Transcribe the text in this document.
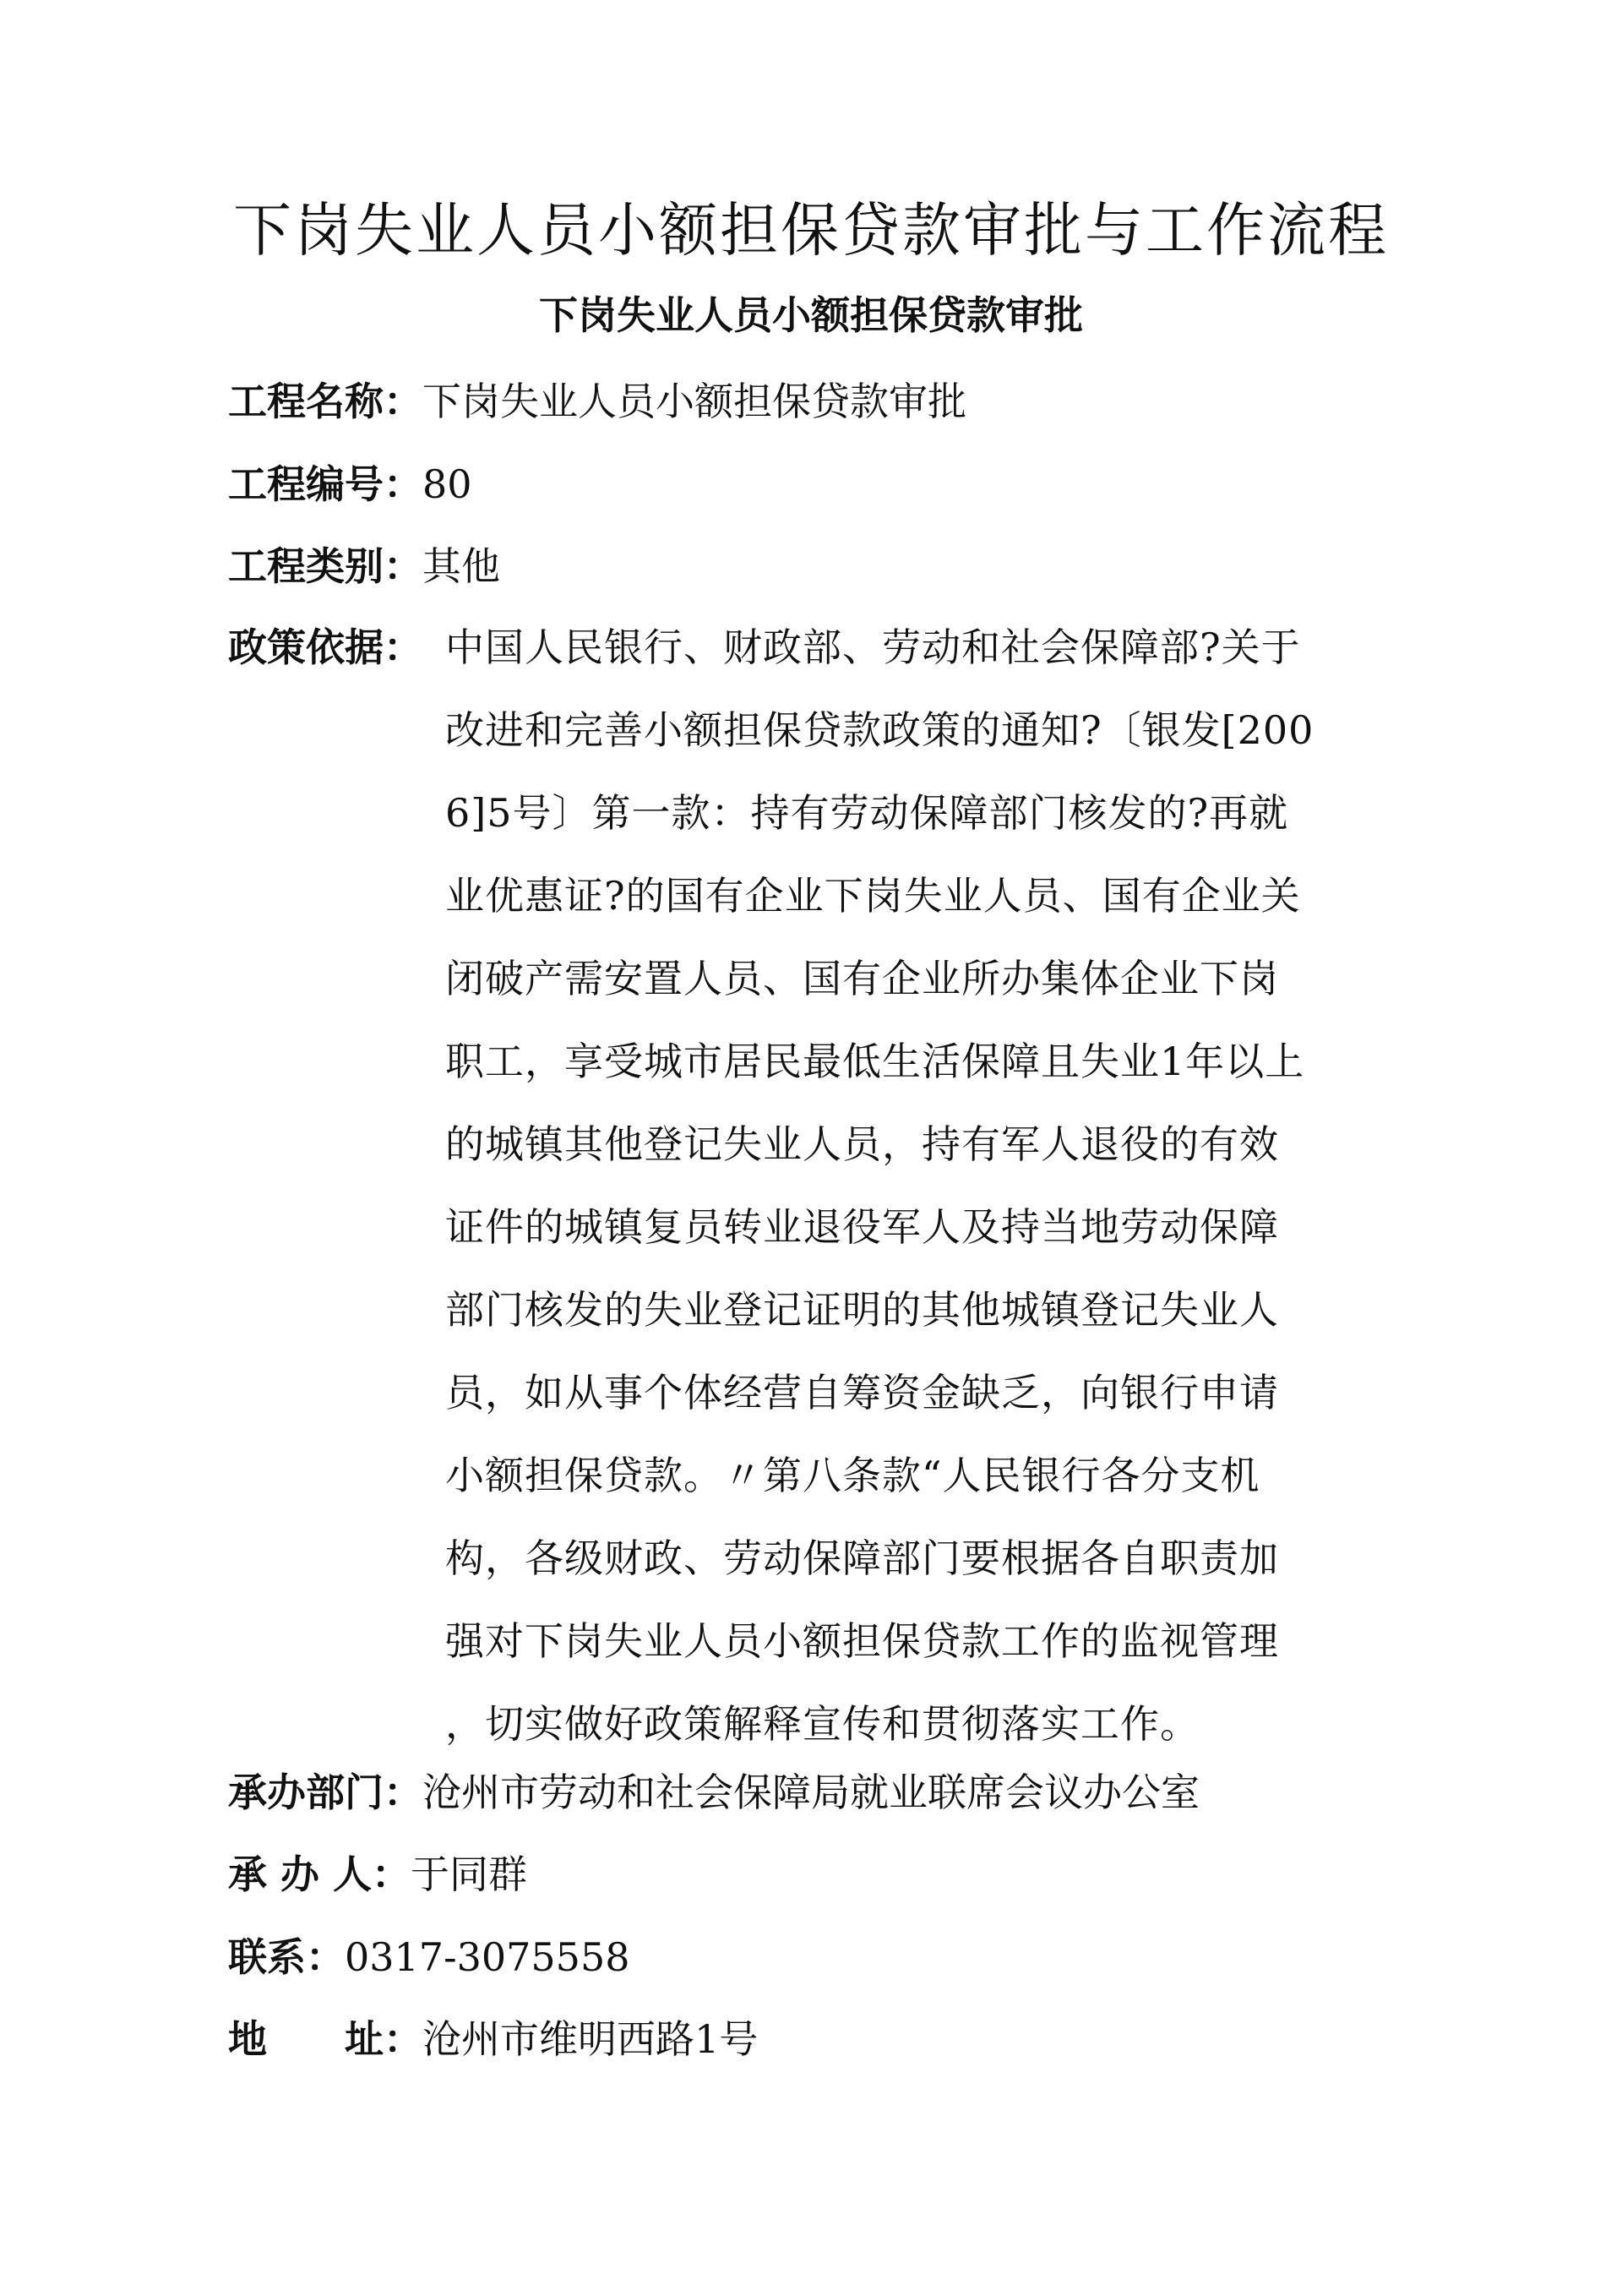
下岗失业人员小额担保贷款审批与工作流程
下岗失业人员小额担保贷款审批
工程名称：下岗失业人员小额担保贷款审批
工程编号：80
工程类别：其他
政策依据： 中国人民银行、财政部、劳动和社会保障部?关于
改进和完善小额担保贷款政策的通知?〔银发[200
6]5号〕第一款：持有劳动保障部门核发的?再就
业优惠证?的国有企业下岗失业人员、国有企业关
闭破产需安置人员、国有企业所办集体企业下岗
职工，享受城市居民最低生活保障且失业1年以上
的城镇其他登记失业人员，持有军人退役的有效
证件的城镇复员转业退役军人及持当地劳动保障
部门核发的失业登记证明的其他城镇登记失业人
员，如从事个体经营自筹资金缺乏，向银行申请
小额担保贷款。〃第八条款“人民银行各分支机
构，各级财政、劳动保障部门要根据各自职责加
强对下岗失业人员小额担保贷款工作的监视管理
，切实做好政策解释宣传和贯彻落实工作。
承办部门：沧州市劳动和社会保障局就业联席会议办公室
承 办 人：于同群
联系：0317-3075558
地　　址：沧州市维明西路1号
